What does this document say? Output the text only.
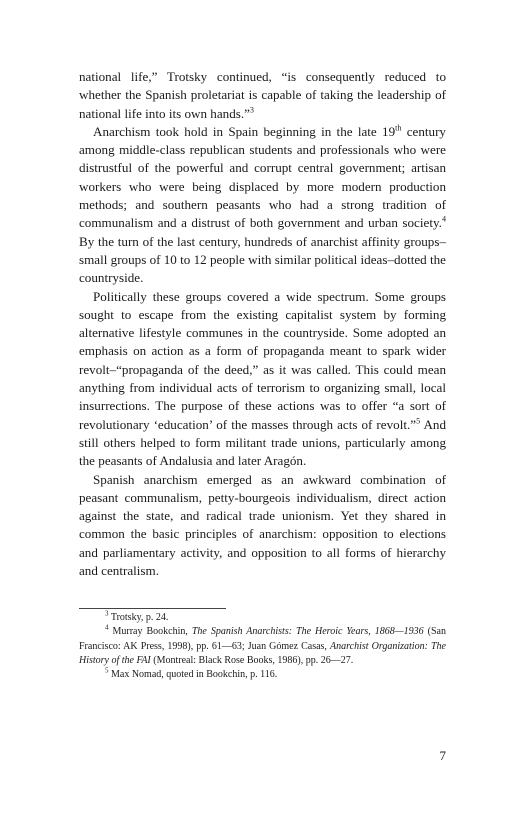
national life,” Trotsky continued, “is consequently reduced to whether the Spanish proletariat is capable of taking the leadership of national life into its own hands.”$^3$

Anarchism took hold in Spain beginning in the late 19th century among middle-class republican students and professionals who were distrustful of the powerful and corrupt central government; artisan workers who were being displaced by more modern production methods; and southern peasants who had a strong tradition of communalism and a distrust of both government and urban society.$^4$ By the turn of the last century, hundreds of anarchist affinity groups–small groups of 10 to 12 people with similar political ideas–dotted the countryside.

Politically these groups covered a wide spectrum. Some groups sought to escape from the existing capitalist system by forming alternative lifestyle communes in the countryside. Some adopted an emphasis on action as a form of propaganda meant to spark wider revolt–“propaganda of the deed,” as it was called. This could mean anything from individual acts of terrorism to organizing small, local insurrections. The purpose of these actions was to offer “a sort of revolutionary ‘education’ of the masses through acts of revolt.”$^5$ And still others helped to form militant trade unions, particularly among the peasants of Andalusia and later Aragón.

Spanish anarchism emerged as an awkward combination of peasant communalism, petty-bourgeois individualism, direct action against the state, and radical trade unionism. Yet they shared in common the basic principles of anarchism: opposition to elections and parliamentary activity, and opposition to all forms of hierarchy and centralism.

$^3$ Trotsky, p. 24.

$^4$ Murray Bookchin, The Spanish Anarchists: The Heroic Years, 1868—1936 (San Francisco: AK Press, 1998), pp. 61—63; Juan Gómez Casas, Anarchist Organization: The History of the FAI (Montreal: Black Rose Books, 1986), pp. 26—27.

$^5$ Max Nomad, quoted in Bookchin, p. 116.

7
